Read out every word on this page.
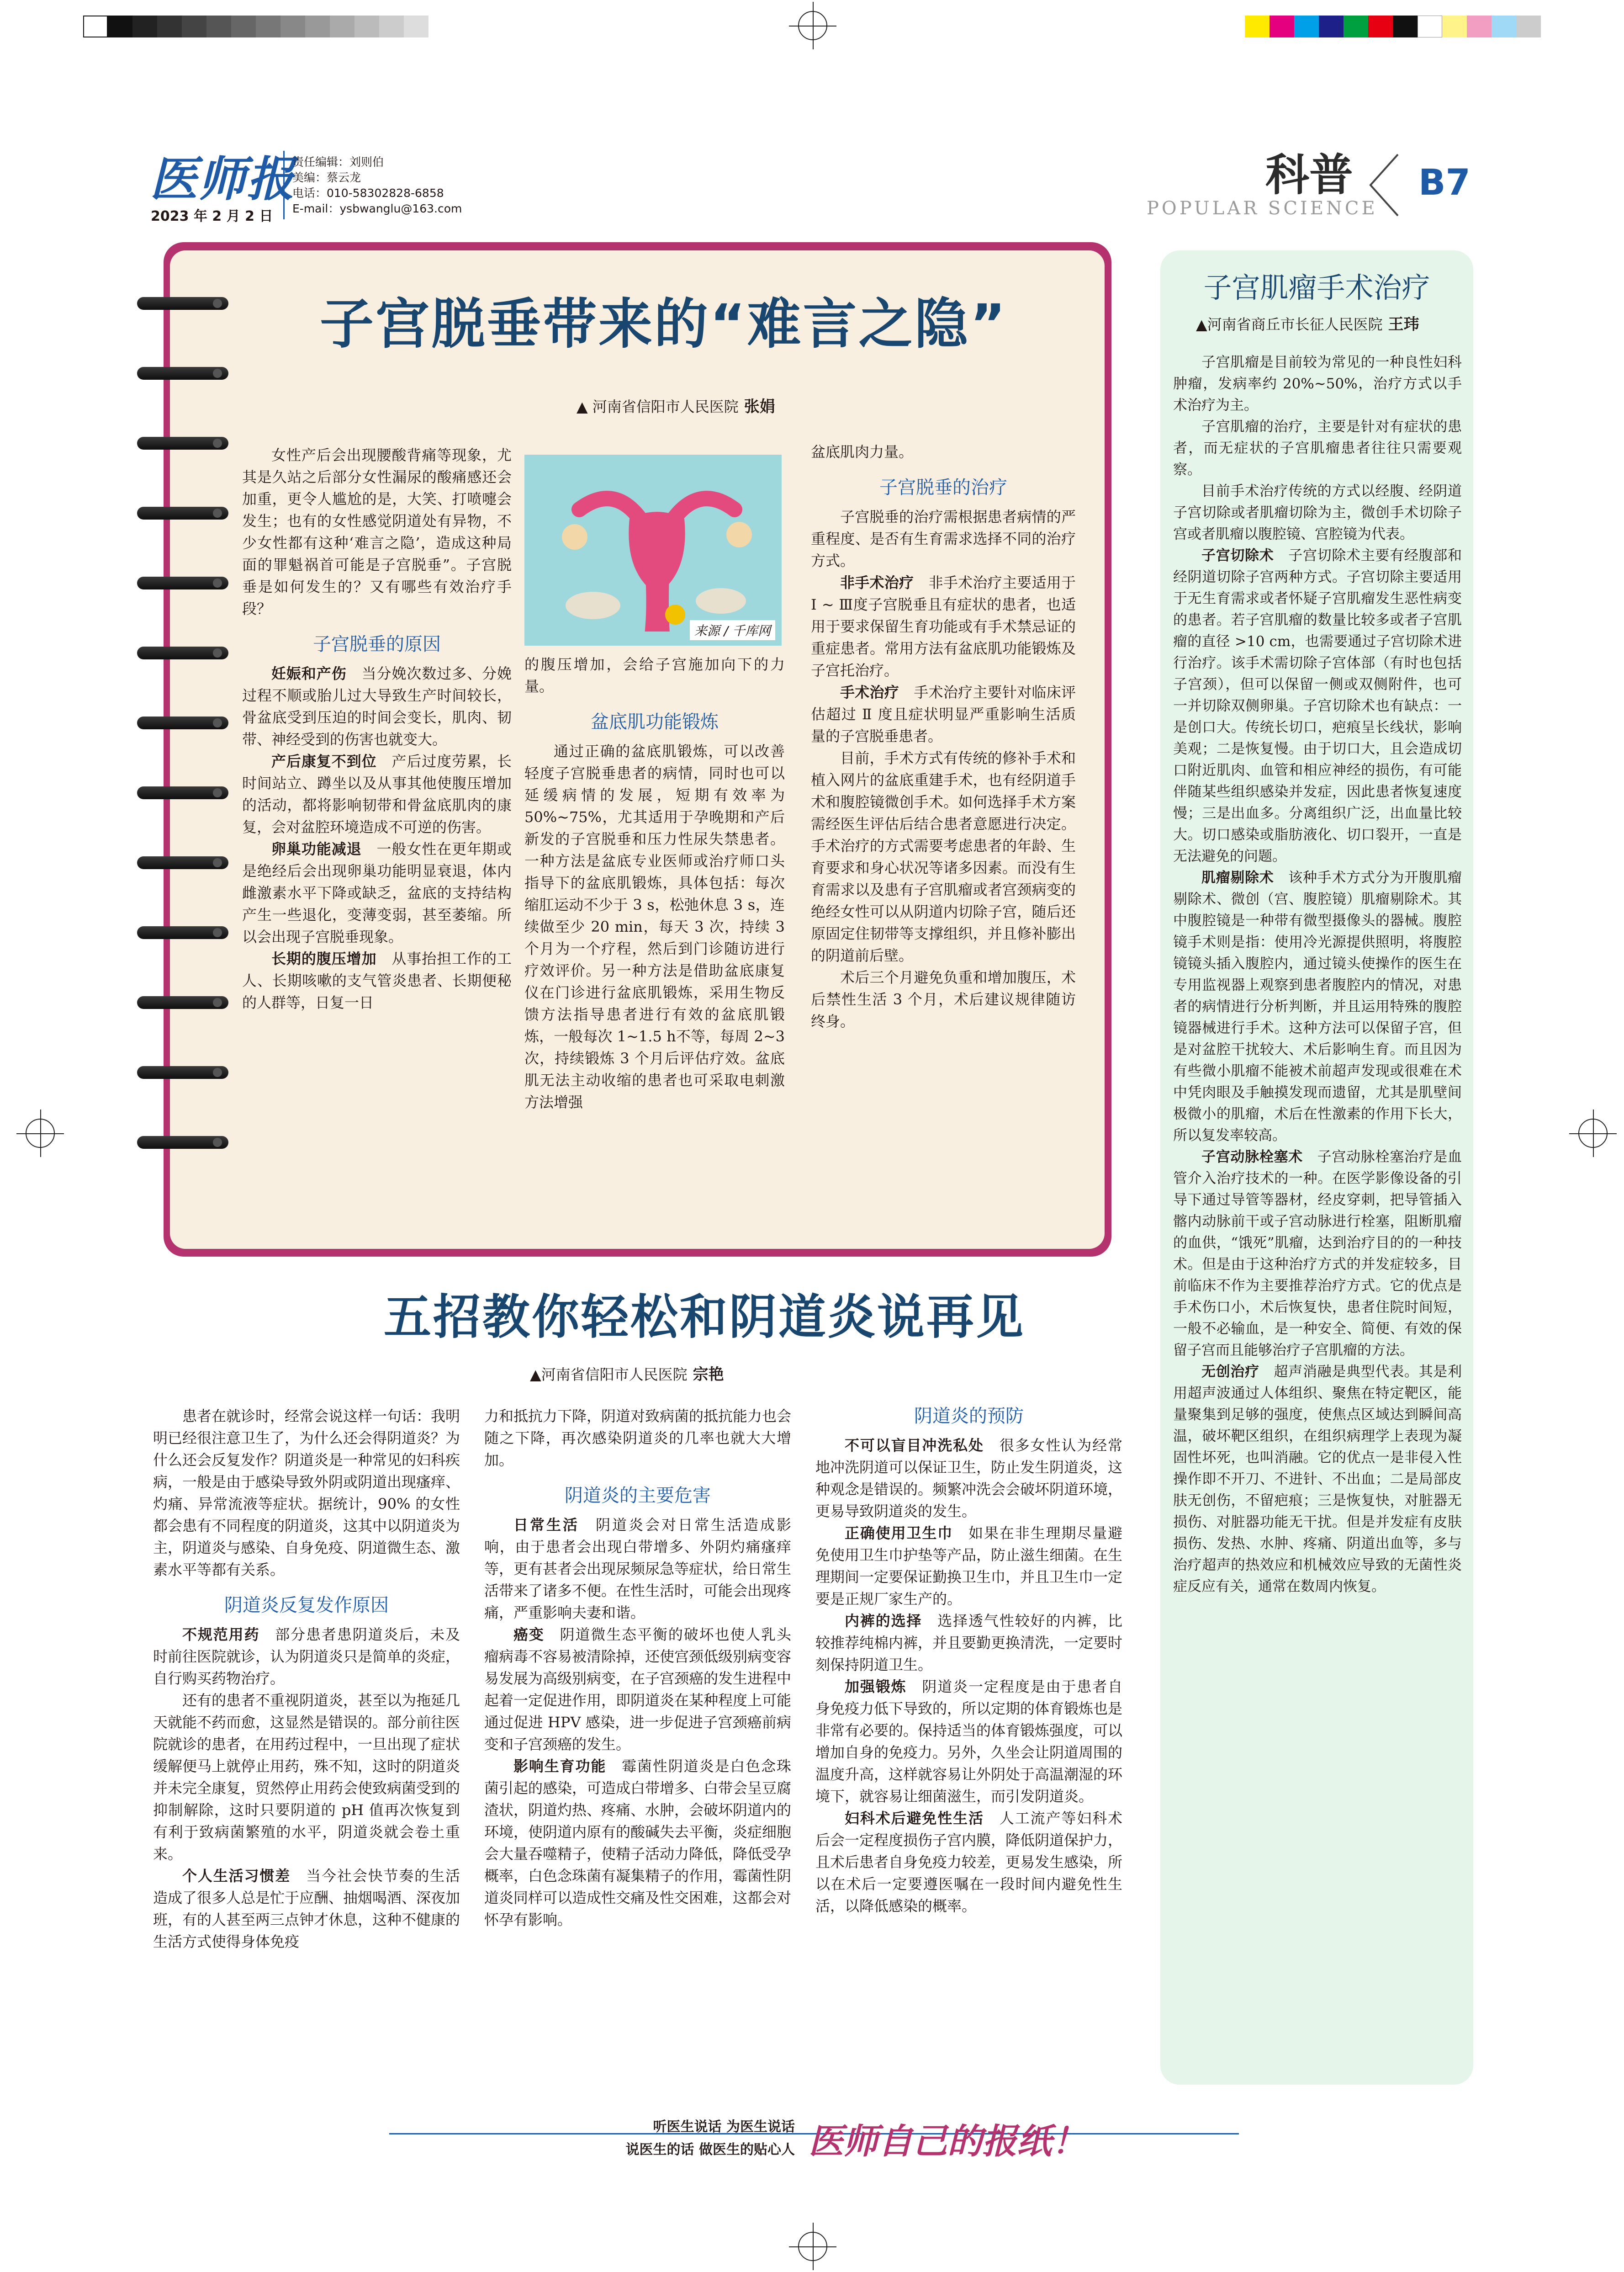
医师报
2023 年 2 月 2 日
责任编辑：刘则伯
美编：蔡云龙
电话：010-58302828-6858
E-mail：ysbwanglu@163.com
科普
POPULAR SCIENCE
B7
子宫脱垂带来的“难言之隐”
▲ 河南省信阳市人民医院 张娟

女性产后会出现腰酸背痛等现象，尤其是久站之后部分女性漏尿的酸痛感还会加重，更令人尴尬的是，大笑、打喷嚏会发生；也有的女性感觉阴道处有异物，不少女性都有这种‘难言之隐’，造成这种局面的罪魁祸首可能是子宫脱垂”。子宫脱垂是如何发生的？又有哪些有效治疗手段？

子宫脱垂的原因

妊娠和产伤　 当分娩次数过多、分娩过程不顺或胎儿过大导致生产时间较长，骨盆底受到压迫的时间会变长，肌肉、韧带、神经受到的伤害也就变大。

产后康复不到位　 产后过度劳累，长时间站立、蹲坐以及从事其他使腹压增加的活动，都将影响韧带和骨盆底肌肉的康复，会对盆腔环境造成不可逆的伤害。

卵巢功能减退　 一般女性在更年期或是绝经后会出现卵巢功能明显衰退，体内雌激素水平下降或缺乏，盆底的支持结构产生一些退化，变薄变弱，甚至萎缩。所以会出现子宫脱垂现象。

长期的腹压增加　 从事抬担工作的工人、长期咳嗽的支气管炎患者、长期便秘的人群等，日复一日

来源 / 千库网
的腹压增加，会给子宫施加向下的力量。
盆底肌功能锻炼

通过正确的盆底肌锻炼，可以改善轻度子宫脱垂患者的病情，同时也可以延缓病情的发展，短期有效率为50%~75%，尤其适用于孕晚期和产后新发的子宫脱垂和压力性尿失禁患者。一种方法是盆底专业医师或治疗师口头指导下的盆底肌锻炼，具体包括：每次缩肛运动不少于 3 s，松弛休息 3 s，连续做至少 20 min，每天 3 次，持续 3 个月为一个疗程，然后到门诊随访进行疗效评价。另一种方法是借助盆底康复仪在门诊进行盆底肌锻炼，采用生物反馈方法指导患者进行有效的盆底肌锻炼，一般每次 1~1.5 h不等，每周 2~3 次，持续锻炼 3 个月后评估疗效。盆底肌无法主动收缩的患者也可采取电刺激方法增强

盆底肌肉力量。
子宫脱垂的治疗

子宫脱垂的治疗需根据患者病情的严重程度、是否有生育需求选择不同的治疗方式。

非手术治疗　 非手术治疗主要适用于 Ⅰ ~ Ⅲ度子宫脱垂且有症状的患者，也适用于要求保留生育功能或有手术禁忌证的重症患者。常用方法有盆底肌功能锻炼及子宫托治疗。

手术治疗　 手术治疗主要针对临床评估超过 Ⅱ 度且症状明显严重影响生活质量的子宫脱垂患者。

目前，手术方式有传统的修补手术和植入网片的盆底重建手术，也有经阴道手术和腹腔镜微创手术。如何选择手术方案需经医生评估后结合患者意愿进行决定。手术治疗的方式需要考虑患者的年龄、生育要求和身心状况等诸多因素。而没有生育需求以及患有子宫肌瘤或者宫颈病变的绝经女性可以从阴道内切除子宫，随后还原固定住韧带等支撑组织，并且修补膨出的阴道前后壁。

术后三个月避免负重和增加腹压，术后禁性生活 3 个月，术后建议规律随访终身。

五招教你轻松和阴道炎说再见
▲河南省信阳市人民医院 宗艳

患者在就诊时，经常会说这样一句话：我明明已经很注意卫生了，为什么还会得阴道炎？为什么还会反复发作？阴道炎是一种常见的妇科疾病，一般是由于感染导致外阴或阴道出现瘙痒、灼痛、异常流液等症状。据统计，90% 的女性都会患有不同程度的阴道炎，这其中以阴道炎为主，阴道炎与感染、自身免疫、阴道微生态、激素水平等都有关系。

阴道炎反复发作原因

不规范用药　 部分患者患阴道炎后，未及时前往医院就诊，认为阴道炎只是简单的炎症，自行购买药物治疗。

还有的患者不重视阴道炎，甚至以为拖延几天就能不药而愈，这显然是错误的。部分前往医院就诊的患者，在用药过程中，一旦出现了症状缓解便马上就停止用药，殊不知，这时的阴道炎并未完全康复，贸然停止用药会使致病菌受到的抑制解除，这时只要阴道的 pH 值再次恢复到有利于致病菌繁殖的水平，阴道炎就会卷土重来。

个人生活习惯差　 当今社会快节奏的生活造成了很多人总是忙于应酬、抽烟喝酒、深夜加班，有的人甚至两三点钟才休息，这种不健康的生活方式使得身体免疫

力和抵抗力下降，阴道对致病菌的抵抗能力也会随之下降，再次感染阴道炎的几率也就大大增加。
阴道炎的主要危害

日常生活　 阴道炎会对日常生活造成影响，由于患者会出现白带增多、外阴灼痛瘙痒等，更有甚者会出现尿频尿急等症状，给日常生活带来了诸多不便。在性生活时，可能会出现疼痛，严重影响夫妻和谐。

癌变　 阴道微生态平衡的破坏也使人乳头瘤病毒不容易被清除掉，还使宫颈低级别病变容易发展为高级别病变，在子宫颈癌的发生进程中起着一定促进作用，即阴道炎在某种程度上可能通过促进 HPV 感染，进一步促进子宫颈癌前病变和子宫颈癌的发生。

影响生育功能　 霉菌性阴道炎是白色念珠菌引起的感染，可造成白带增多、白带会呈豆腐渣状，阴道灼热、疼痛、水肿，会破坏阴道内的环境，使阴道内原有的酸碱失去平衡，炎症细胞会大量吞噬精子，使精子活动力降低，降低受孕概率，白色念珠菌有凝集精子的作用，霉菌性阴道炎同样可以造成性交痛及性交困难，这都会对怀孕有影响。

阴道炎的预防

不可以盲目冲洗私处　 很多女性认为经常地冲洗阴道可以保证卫生，防止发生阴道炎，这种观念是错误的。频繁冲洗会会破坏阴道环境，更易导致阴道炎的发生。

正确使用卫生巾　 如果在非生理期尽量避免使用卫生巾护垫等产品，防止滋生细菌。在生理期间一定要保证勤换卫生巾，并且卫生巾一定要是正规厂家生产的。

内裤的选择　 选择透气性较好的内裤，比较推荐纯棉内裤，并且要勤更换清洗，一定要时刻保持阴道卫生。

加强锻炼　 阴道炎一定程度是由于患者自身免疫力低下导致的，所以定期的体育锻炼也是非常有必要的。保持适当的体育锻炼强度，可以增加自身的免疫力。另外，久坐会让阴道周围的温度升高，这样就容易让外阴处于高温潮湿的环境下，就容易让细菌滋生，而引发阴道炎。

妇科术后避免性生活　 人工流产等妇科术后会一定程度损伤子宫内膜，降低阴道保护力，且术后患者自身免疫力较差，更易发生感染，所以在术后一定要遵医嘱在一段时间内避免性生活，以降低感染的概率。

子宫肌瘤手术治疗
▲河南省商丘市长征人民医院 王玮

子宫肌瘤是目前较为常见的一种良性妇科肿瘤，发病率约 20%~50%，治疗方式以手术治疗为主。

子宫肌瘤的治疗，主要是针对有症状的患者，而无症状的子宫肌瘤患者往往只需要观察。

目前手术治疗传统的方式以经腹、经阴道子宫切除或者肌瘤切除为主，微创手术切除子宫或者肌瘤以腹腔镜、宫腔镜为代表。

子宫切除术　 子宫切除术主要有经腹部和经阴道切除子宫两种方式。子宫切除主要适用于无生育需求或者怀疑子宫肌瘤发生恶性病变的患者。若子宫肌瘤的数量比较多或者子宫肌瘤的直径 >10 cm，也需要通过子宫切除术进行治疗。该手术需切除子宫体部（有时也包括子宫颈），但可以保留一侧或双侧附件，也可一并切除双侧卵巢。子宫切除术也有缺点：一是创口大。传统长切口，疤痕呈长线状，影响美观；二是恢复慢。由于切口大，且会造成切口附近肌肉、血管和相应神经的损伤，有可能伴随某些组织感染并发症，因此患者恢复速度慢；三是出血多。分离组织广泛，出血量比较大。切口感染或脂肪液化、切口裂开，一直是无法避免的问题。

肌瘤剔除术　 该种手术方式分为开腹肌瘤剔除术、微创（宫、腹腔镜）肌瘤剔除术。其中腹腔镜是一种带有微型摄像头的器械。腹腔镜手术则是指：使用冷光源提供照明，将腹腔镜镜头插入腹腔内，通过镜头使操作的医生在专用监视器上观察到患者腹腔内的情况，对患者的病情进行分析判断，并且运用特殊的腹腔镜器械进行手术。这种方法可以保留子宫，但是对盆腔干扰较大、术后影响生育。而且因为有些微小肌瘤不能被术前超声发现或很难在术中凭肉眼及手触摸发现而遗留，尤其是肌壁间极微小的肌瘤，术后在性激素的作用下长大，所以复发率较高。

子宫动脉栓塞术　 子宫动脉栓塞治疗是血管介入治疗技术的一种。在医学影像设备的引导下通过导管等器材，经皮穿刺，把导管插入髂内动脉前干或子宫动脉进行栓塞，阻断肌瘤的血供，“饿死”肌瘤，达到治疗目的的一种技术。但是由于这种治疗方式的并发症较多，目前临床不作为主要推荐治疗方式。它的优点是手术伤口小，术后恢复快，患者住院时间短，一般不必输血，是一种安全、简便、有效的保留子宫而且能够治疗子宫肌瘤的方法。

无创治疗　 超声消融是典型代表。其是利用超声波通过人体组织、聚焦在特定靶区，能量聚集到足够的强度，使焦点区域达到瞬间高温，破坏靶区组织，在组织病理学上表现为凝固性坏死，也叫消融。它的优点一是非侵入性操作即不开刀、不进针、不出血；二是局部皮肤无创伤，不留疤痕；三是恢复快，对脏器无损伤、对脏器功能无干扰。但是并发症有皮肤损伤、发热、水肿、疼痛、阴道出血等，多与治疗超声的热效应和机械效应导致的无菌性炎症反应有关，通常在数周内恢复。

听医生说话 为医生说话
说医生的话 做医生的贴心人 医师自己的报纸！
